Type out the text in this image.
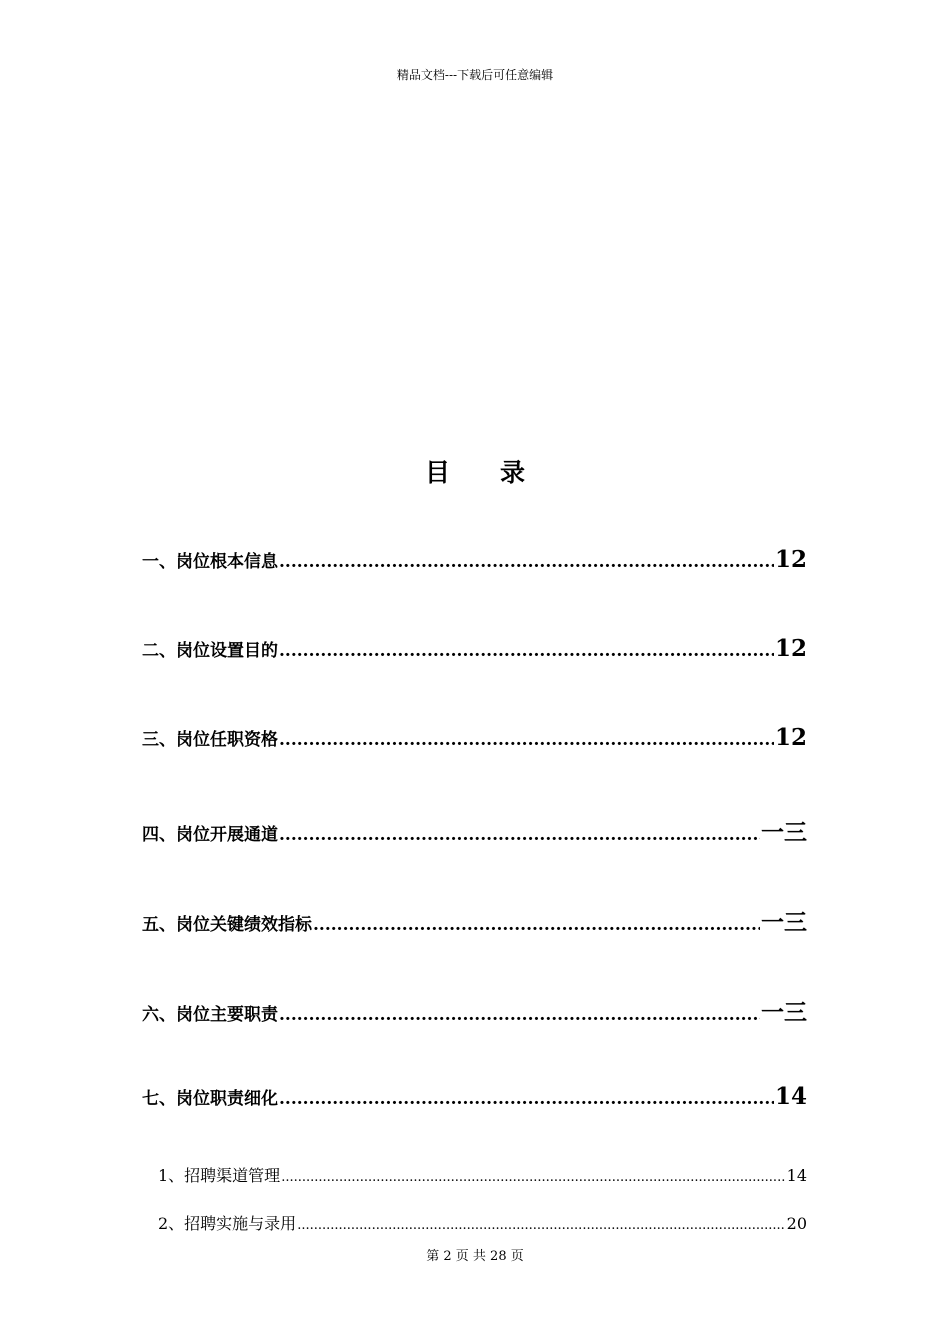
精品文档---下载后可任意编辑
目录
一、岗位根本信息 .....	12
二、岗位设置目的 .....	12
三、岗位任职资格 .....	12
四、岗位开展通道 .....	一三
五、岗位关键绩效指标 .....	一三
六、岗位主要职责 .....	一三
七、岗位职责细化 .....	14
1、招聘渠道管理 .....	14
2、招聘实施与录用 .....	20
第 2 页 共 28 页
